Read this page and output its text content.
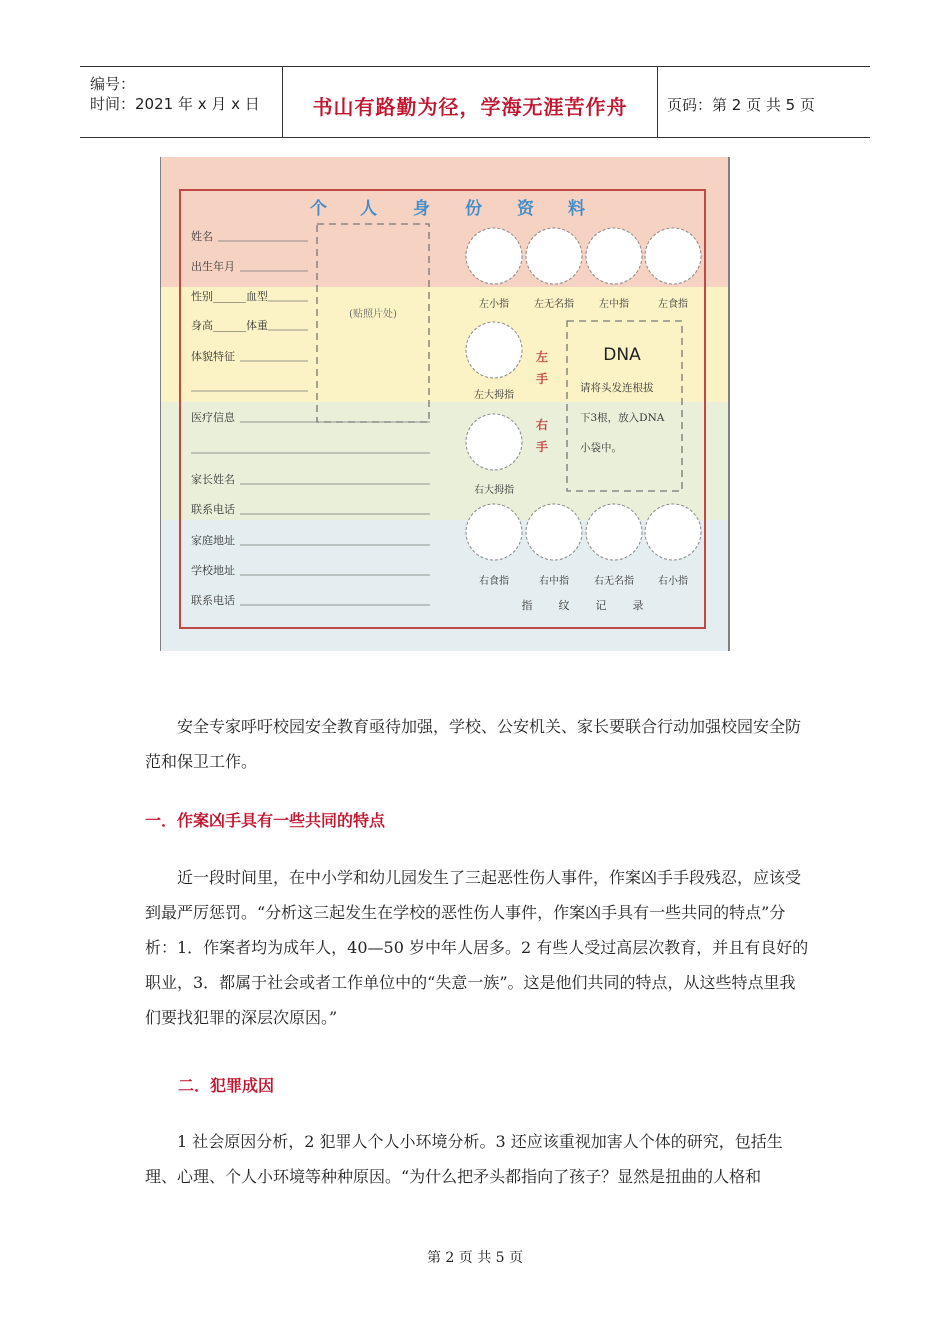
编号：
时间：2021 年 x 月 x 日	书山有路勤为径，学海无涯苦作舟	页码：第 2 页 共 5 页
个 人 身 份 资 料
姓名
出生年月
性别______血型
身高______体重
体貌特征
医疗信息
家长姓名
联系电话
家庭地址
学校地址
联系电话
(贴照片处)
左小指	左无名指	左中指	左食指
左大拇指
右大拇指
右食指	右中指	右无名指 右小指
左
手
右
手
DNA
请将头发连根拔
下3根，放入DNA
小袋中。
指 纹 记 录

安全专家呼吁校园安全教育亟待加强，学校、公安机关、家长要联合行动加强校园安全防范和保卫工作。

一．作案凶手具有一些共同的特点

近一段时间里，在中小学和幼儿园发生了三起恶性伤人事件，作案凶手手段残忍，应该受到最严厉惩罚。“分析这三起发生在学校的恶性伤人事件，作案凶手具有一些共同的特点”分析：1．作案者均为成年人，40—50 岁中年人居多。2 有些人受过高层次教育，并且有良好的职业，3．都属于社会或者工作单位中的“失意一族”。这是他们共同的特点，从这些特点里我们要找犯罪的深层次原因。”

二．犯罪成因

1 社会原因分析，2 犯罪人个人小环境分析。3 还应该重视加害人个体的研究，包括生理、心理、个人小环境等种种原因。“为什么把矛头都指向了孩子？显然是扭曲的人格和

第 2 页 共 5 页
